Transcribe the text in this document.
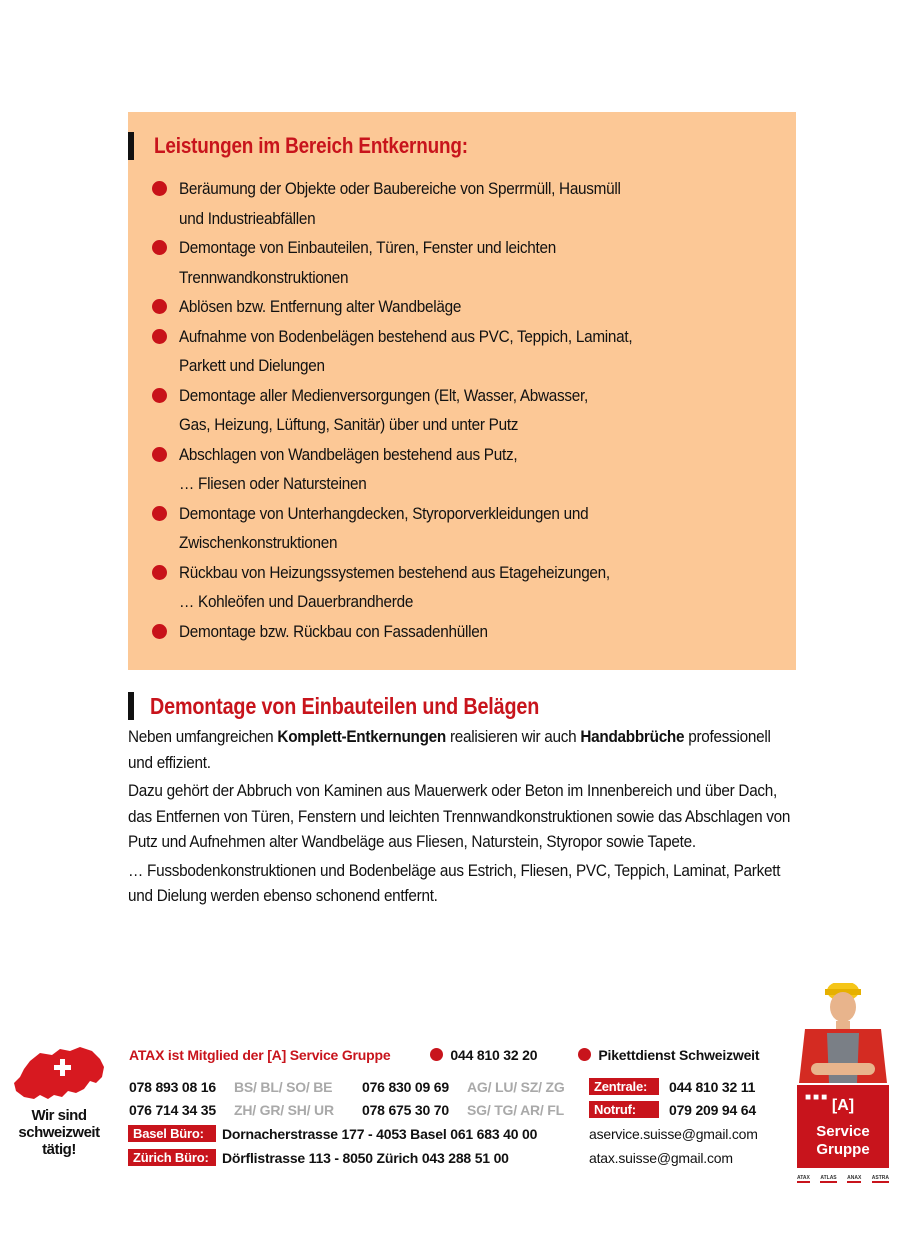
Leistungen im Bereich Entkernung:
Beräumung der Objekte oder Baubereiche von Sperrmüll, Hausmüll
und Industrieabfällen
Demontage von Einbauteilen, Türen, Fenster und leichten
Trennwandkonstruktionen
Ablösen bzw. Entfernung alter Wandbeläge
Aufnahme von Bodenbelägen bestehend aus PVC, Teppich, Laminat,
Parkett und Dielungen
Demontage aller Medienversorgungen (Elt, Wasser, Abwasser,
Gas, Heizung, Lüftung, Sanitär) über und unter Putz
Abschlagen von Wandbelägen bestehend aus Putz,
… Fliesen oder Natursteinen
Demontage von Unterhangdecken, Styroporverkleidungen und
Zwischenkonstruktionen
Rückbau von Heizungssystemen bestehend aus Etageheizungen,
… Kohleöfen und Dauerbrandherde
Demontage bzw. Rückbau con Fassadenhüllen
Demontage von Einbauteilen und Belägen

Neben umfangreichen Komplett-Entkernungen realisieren wir auch Handabbrüche professionell und effizient.

Dazu gehört der Abbruch von Kaminen aus Mauerwerk oder Beton im Innenbereich und über Dach, das Entfernen von Türen, Fenstern und leichten Trennwandkonstruktionen sowie das Abschlagen von Putz und Aufnehmen alter Wandbeläge aus Fliesen, Naturstein, Styropor sowie Tapete.

… Fussbodenkonstruktionen und Bodenbeläge aus Estrich, Fliesen, PVC, Teppich, Laminat, Parkett und Dielung werden ebenso schonend entfernt.

Wir sind
schweizweit
tätig!
ATAX ist Mitglied der [A] Service Gruppe	044 810 32 20	Pikettdienst Schweizweit
078 893 08 16 BS/ BL/ SO/ BE 076 830 09 69 AG/ LU/ SZ/ ZG	Zentrale:	044 810 32 11
076 714 34 35 ZH/ GR/ SH/ UR 078 675 30 70 SG/ TG/ AR/ FL	Notruf:	079 209 94 64
Basel Büro:	Dornacherstrasse 177 - 4053 Basel 061 683 40 00	aservice.suisse@gmail.com
Zürich Büro: Dörflistrasse 113 - 8050 Zürich 043 288 51 00	atax.suisse@gmail.com
■■■ [A]
Service
Gruppe
ATAX ATLAS ANAX ASTRA
